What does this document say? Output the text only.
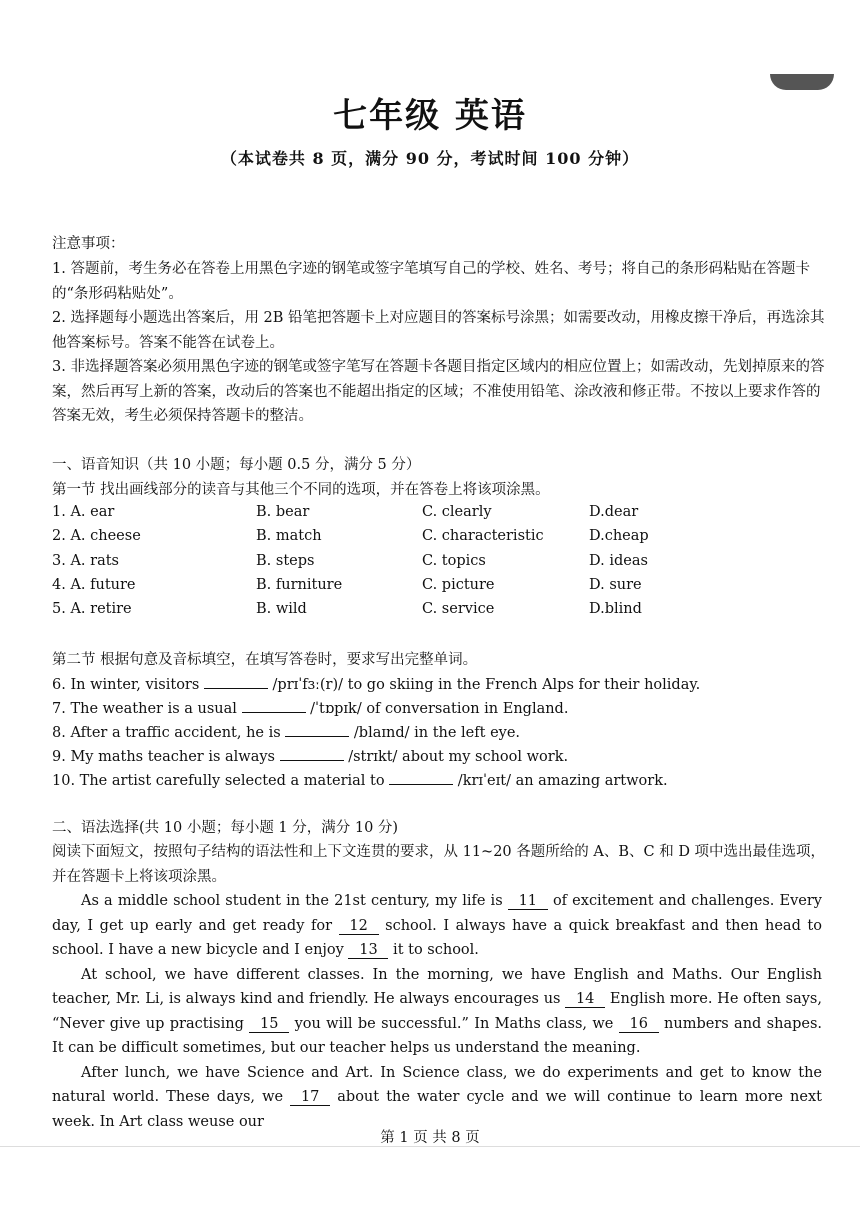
七年级 英语
（本试卷共 8 页，满分 90 分，考试时间 100 分钟）
注意事项：

1. 答题前，考生务必在答卷上用黑色字迹的钢笔或签字笔填写自己的学校、姓名、考号；将自己的条形码粘贴在答题卡的“条形码粘贴处”。

2. 选择题每小题选出答案后，用 2B 铅笔把答题卡上对应题目的答案标号涂黑；如需要改动，用橡皮擦干净后，再选涂其他答案标号。答案不能答在试卷上。

3. 非选择题答案必须用黑色字迹的钢笔或签字笔写在答题卡各题目指定区域内的相应位置上；如需改动，先划掉原来的答案，然后再写上新的答案，改动后的答案也不能超出指定的区域；不准使用铅笔、涂改液和修正带。不按以上要求作答的答案无效，考生必须保持答题卡的整洁。

一、语音知识（共 10 小题；每小题 0.5 分，满分 5 分）
第一节 找出画线部分的读音与其他三个不同的选项，并在答卷上将该项涂黑。
1. A. ear	B. bear	C. clearly	D.dear
2. A. cheese	B. match	C. characteristic	D.cheap
3. A. rats	B. steps	C. topics	D. ideas
4. A. future	B. furniture	C. picture	D. sure
5. A. retire	B. wild	C. service	D.blind
第二节 根据句意及音标填空，在填写答卷时，要求写出完整单词。
6. In winter, visitors	/prɪˈfɜː(r)/ to go skiing in the French Alps for their holiday.
7. The weather is a usual	/ˈtɒpɪk/ of conversation in England.
8. After a traffic accident, he is	/blaɪnd/ in the left eye.
9. My maths teacher is always	/strɪkt/ about my school work.
10. The artist carefully selected a material to	/krɪˈeɪt/ an amazing artwork.
二、语法选择(共 10 小题；每小题 1 分，满分 10 分)
阅读下面短文，按照句子结构的语法性和上下文连贯的要求，从 11~20 各题所给的 A、B、C 和 D 项中选出最佳选项，并在答题卡上将该项涂黑。

As a middle school student in the 21st century, my life is 11 of excitement and challenges. Every day, I get up early and get ready for 12 school. I always have a quick breakfast and then head to school. I have a new bicycle and I enjoy 13 it to school.

At school, we have different classes. In the morning, we have English and Maths. Our English teacher, Mr. Li, is always kind and friendly. He always encourages us 14 English more. He often says, “Never give up practising 15 you will be successful.” In Maths class, we 16 numbers and shapes. It can be difficult sometimes, but our teacher helps us understand the meaning.

After lunch, we have Science and Art. In Science class, we do experiments and get to know the natural world. These days, we 17 about the water cycle and we will continue to learn more next week. In Art class weuse our

第 1 页 共 8 页
